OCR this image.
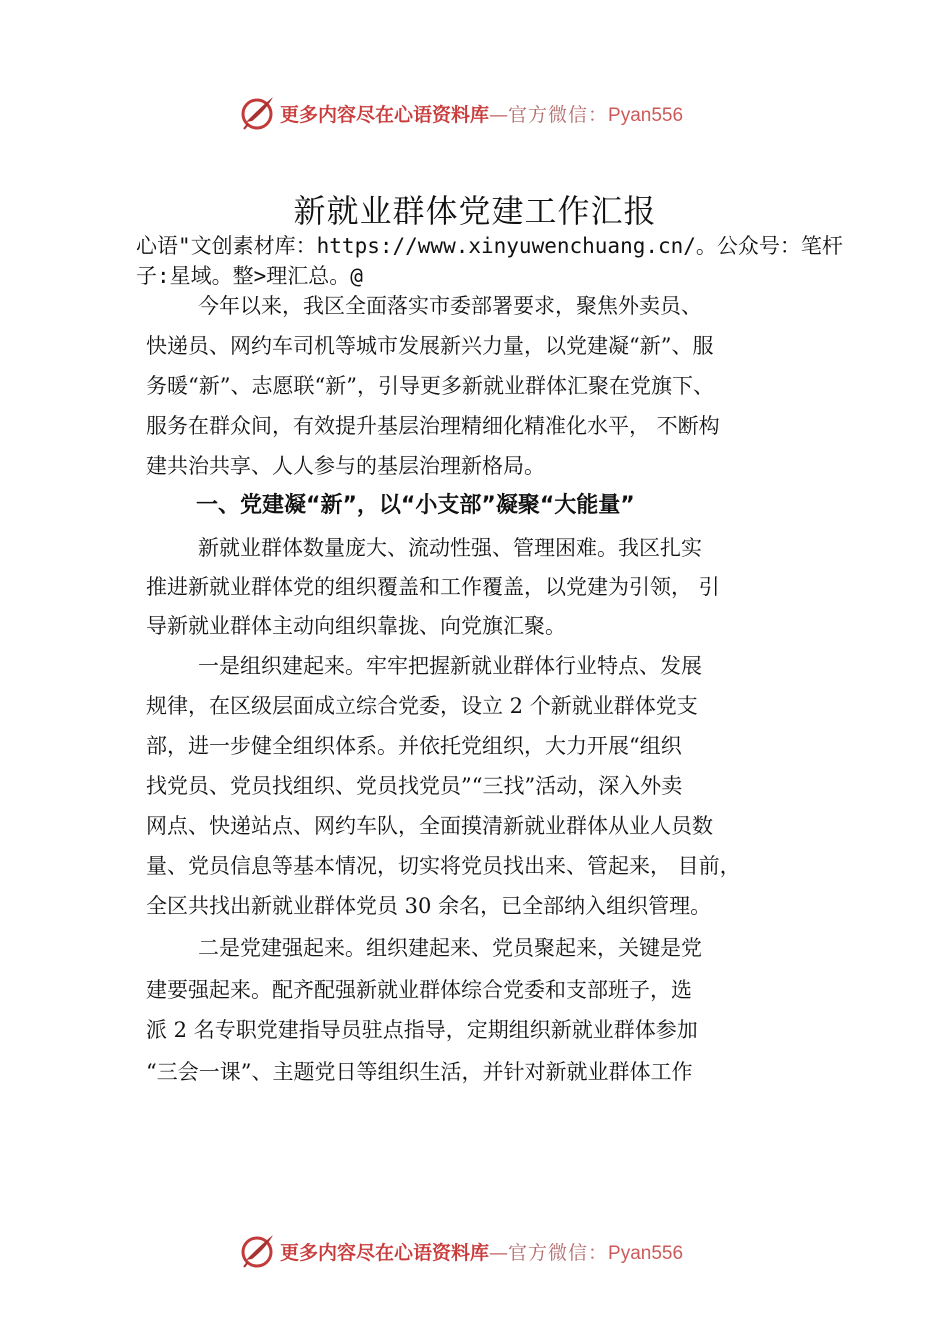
更多内容尽在心语资料库—官方微信：Pyan556
新就业群体党建工作汇报
心语"文创素材库：https://www.xinyuwenchuang.cn/。公众号：笔杆子:星域。整>理汇总。@
今年以来，我区全面落实市委部署要求，聚焦外卖员、
快递员、网约车司机等城市发展新兴力量，以党建凝“新”、服
务暖“新”、志愿联“新”，引导更多新就业群体汇聚在党旗下、
服务在群众间，有效提升基层治理精细化精准化水平， 不断构
建共治共享、人人参与的基层治理新格局。
一、党建凝“新”，以“小支部”凝聚“大能量”
新就业群体数量庞大、流动性强、管理困难。我区扎实
推进新就业群体党的组织覆盖和工作覆盖，以党建为引领， 引
导新就业群体主动向组织靠拢、向党旗汇聚。
一是组织建起来。牢牢把握新就业群体行业特点、发展
规律，在区级层面成立综合党委，设立 2 个新就业群体党支
部，进一步健全组织体系。并依托党组织，大力开展“组织
找党员、党员找组织、党员找党员”“三找”活动，深入外卖
网点、快递站点、网约车队，全面摸清新就业群体从业人员数
量、党员信息等基本情况，切实将党员找出来、管起来， 目前，
全区共找出新就业群体党员 30 余名，已全部纳入组织管理。
二是党建强起来。组织建起来、党员聚起来，关键是党
建要强起来。配齐配强新就业群体综合党委和支部班子，选
派 2 名专职党建指导员驻点指导，定期组织新就业群体参加
“三会一课”、主题党日等组织生活，并针对新就业群体工作
更多内容尽在心语资料库—官方微信：Pyan556
